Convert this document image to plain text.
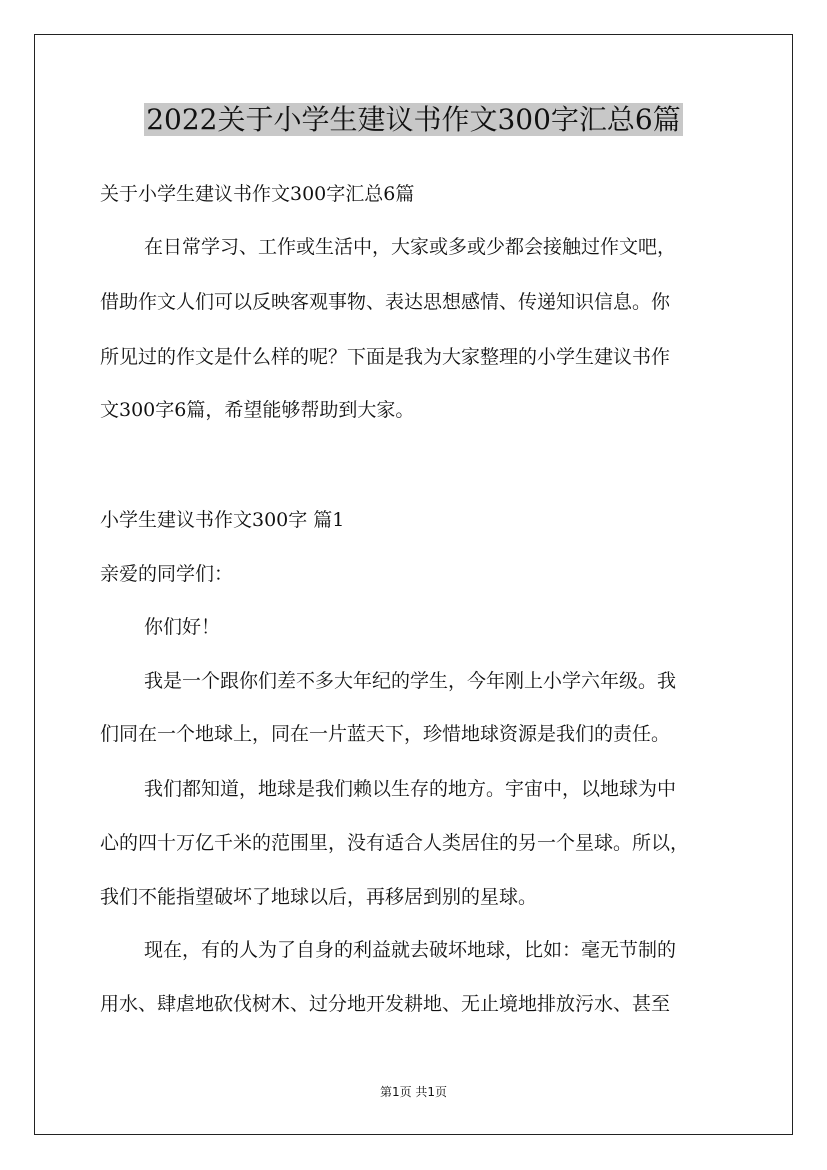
2022关于小学生建议书作文300字汇总6篇
关于小学生建议书作文300字汇总6篇
在日常学习、工作或生活中，大家或多或少都会接触过作文吧，
借助作文人们可以反映客观事物、表达思想感情、传递知识信息。你
所见过的作文是什么样的呢？下面是我为大家整理的小学生建议书作
文300字6篇，希望能够帮助到大家。
小学生建议书作文300字 篇1
亲爱的同学们：
你们好！
我是一个跟你们差不多大年纪的学生，今年刚上小学六年级。我
们同在一个地球上，同在一片蓝天下，珍惜地球资源是我们的责任。
我们都知道，地球是我们赖以生存的地方。宇宙中，以地球为中
心的四十万亿千米的范围里，没有适合人类居住的另一个星球。所以，
我们不能指望破坏了地球以后，再移居到别的星球。
现在，有的人为了自身的利益就去破坏地球，比如：毫无节制的
用水、肆虐地砍伐树木、过分地开发耕地、无止境地排放污水、甚至
第1页 共1页
